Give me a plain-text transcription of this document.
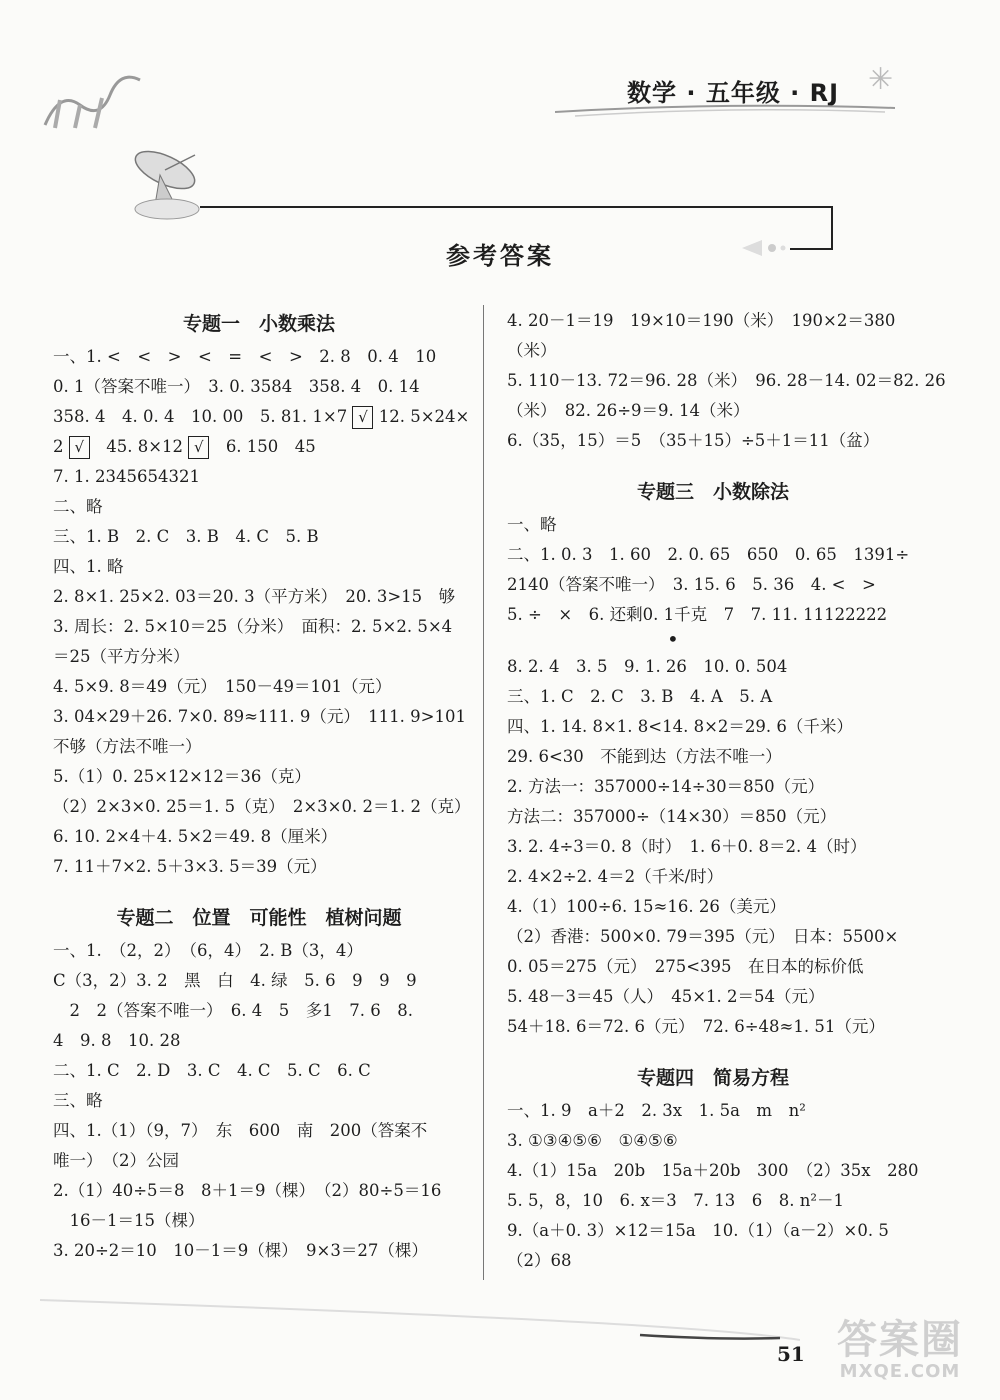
数学 · 五年级 · RJ ✳
参考答案
专题一　小数乘法
一、1. <　<　>　<　=　<　>　2. 8　0. 4　10
0. 1（答案不唯一）　3. 0. 3584　358. 4　0. 14
358. 4　4. 0. 4　10. 00　5. 81. 1×7 √ 12. 5×24×
2 √　45. 8×12 √　6. 150　45
7. 1. 2345654321
二、略
三、1. B　2. C　3. B　4. C　5. B
四、1. 略
2. 8×1. 25×2. 03＝20. 3（平方米）　20. 3>15　够
3. 周长：2. 5×10＝25（分米）　面积：2. 5×2. 5×4
＝25（平方分米）
4. 5×9. 8＝49（元）　150－49＝101（元）
3. 04×29＋26. 7×0. 89≈111. 9（元）　111. 9>101
不够（方法不唯一）
5.（1）0. 25×12×12＝36（克）
（2）2×3×0. 25＝1. 5（克）　2×3×0. 2＝1. 2（克）
6. 10. 2×4＋4. 5×2＝49. 8（厘米）
7. 11＋7×2. 5＋3×3. 5＝39（元）
专题二　位置　可能性　植树问题
一、1.　（2，2）　（6，4）　2. B（3，4）
C（3，2）3. 2　黑　白　4. 绿　5. 6　9　9　9
　2　2（答案不唯一）　6. 4　5　多1　7. 6　8.
4　9. 8　10. 28
二、1. C　2. D　3. C　4. C　5. C　6. C
三、略
四、1.（1）（9，7）　东　600　南　200（答案不
唯一）　（2）公园
2.（1）40÷5＝8　8＋1＝9（棵）　（2）80÷5＝16
　16－1＝15（棵）
3. 20÷2＝10　10－1＝9（棵）　9×3＝27（棵）
4. 20－1＝19　19×10＝190（米）　190×2＝380
（米）
5. 110－13. 72＝96. 28（米）　96. 28－14. 02＝82. 26
（米）　82. 26÷9＝9. 14（米）
6.（35，15）＝5　（35＋15）÷5＋1＝11（盆）
专题三　小数除法
一、略
二、1. 0. 3　1. 60　2. 0. 65　650　0. 65　1391÷
2140（答案不唯一）　3. 15. 6　5. 36　4. <　>
5. ÷　×　6. 还剩0. 1千克　7　7. 11. 11122222
•
8. 2. 4　3. 5　9. 1. 26　10. 0. 504
三、1. C　2. C　3. B　4. A　5. A
四、1. 14. 8×1. 8<14. 8×2＝29. 6（千米）
29. 6<30　不能到达（方法不唯一）
2. 方法一：357000÷14÷30＝850（元）
方法二：357000÷（14×30）＝850（元）
3. 2. 4÷3＝0. 8（时）　1. 6＋0. 8＝2. 4（时）
2. 4×2÷2. 4＝2（千米/时）
4.（1）100÷6. 15≈16. 26（美元）
（2）香港：500×0. 79＝395（元）　日本：5500×
0. 05＝275（元）　275<395　在日本的标价低
5. 48－3＝45（人）　45×1. 2＝54（元）
54＋18. 6＝72. 6（元）　72. 6÷48≈1. 51（元）
专题四　简易方程
一、1. 9　a＋2　2. 3x　1. 5a　m　n²
3. ①③④⑤⑥　①④⑤⑥
4.（1）15a　20b　15a＋20b　300　（2）35x　280
5. 5，8，10　6. x＝3　7. 13　6　8. n²－1
9.（a＋0. 3）×12＝15a　10.（1）（a－2）×0. 5
（2）68
51 答案圈
MXQE.COM
